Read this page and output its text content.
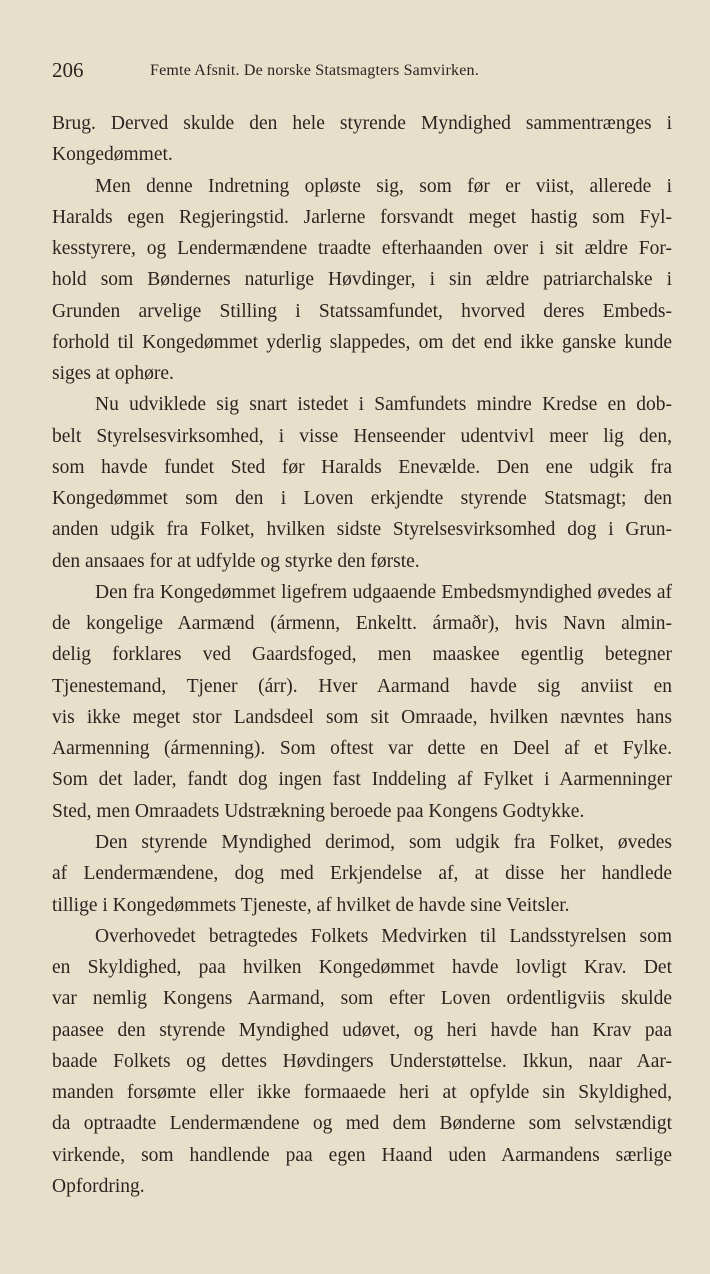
206	Femte Afsnit. De norske Statsmagters Samvirken.
Brug. Derved skulde den hele styrende Myndighed sammentrænges i
Kongedømmet.
Men denne Indretning opløste sig, som før er viist, allerede i
Haralds egen Regjeringstid. Jarlerne forsvandt meget hastig som Fyl-
kesstyrere, og Lendermændene traadte efterhaanden over i sit ældre For-
hold som Bøndernes naturlige Høvdinger, i sin ældre patriarchalske i
Grunden arvelige Stilling i Statssamfundet, hvorved deres Embeds-
forhold til Kongedømmet yderlig slappedes, om det end ikke ganske kunde
siges at ophøre.
Nu udviklede sig snart istedet i Samfundets mindre Kredse en dob-
belt Styrelsesvirksomhed, i visse Henseender udentvivl meer lig den,
som havde fundet Sted før Haralds Enevælde. Den ene udgik fra
Kongedømmet som den i Loven erkjendte styrende Statsmagt; den
anden udgik fra Folket, hvilken sidste Styrelsesvirksomhed dog i Grun-
den ansaaes for at udfylde og styrke den første.
Den fra Kongedømmet ligefrem udgaaende Embedsmyndighed øvedes af
de kongelige Aarmænd (ármenn, Enkeltt. ármaðr), hvis Navn almin-
delig forklares ved Gaardsfoged, men maaskee egentlig betegner
Tjenestemand, Tjener (árr). Hver Aarmand havde sig anviist en
vis ikke meget stor Landsdeel som sit Omraade, hvilken nævntes hans
Aarmenning (ármenning). Som oftest var dette en Deel af et Fylke.
Som det lader, fandt dog ingen fast Inddeling af Fylket i Aarmenninger
Sted, men Omraadets Udstrækning beroede paa Kongens Godtykke.
Den styrende Myndighed derimod, som udgik fra Folket, øvedes
af Lendermændene, dog med Erkjendelse af, at disse her handlede
tillige i Kongedømmets Tjeneste, af hvilket de havde sine Veitsler.
Overhovedet betragtedes Folkets Medvirken til Landsstyrelsen som
en Skyldighed, paa hvilken Kongedømmet havde lovligt Krav. Det
var nemlig Kongens Aarmand, som efter Loven ordentligviis skulde
paasee den styrende Myndighed udøvet, og heri havde han Krav paa
baade Folkets og dettes Høvdingers Understøttelse. Ikkun, naar Aar-
manden forsømte eller ikke formaaede heri at opfylde sin Skyldighed,
da optraadte Lendermændene og med dem Bønderne som selvstændigt
virkende, som handlende paa egen Haand uden Aarmandens særlige
Opfordring.
